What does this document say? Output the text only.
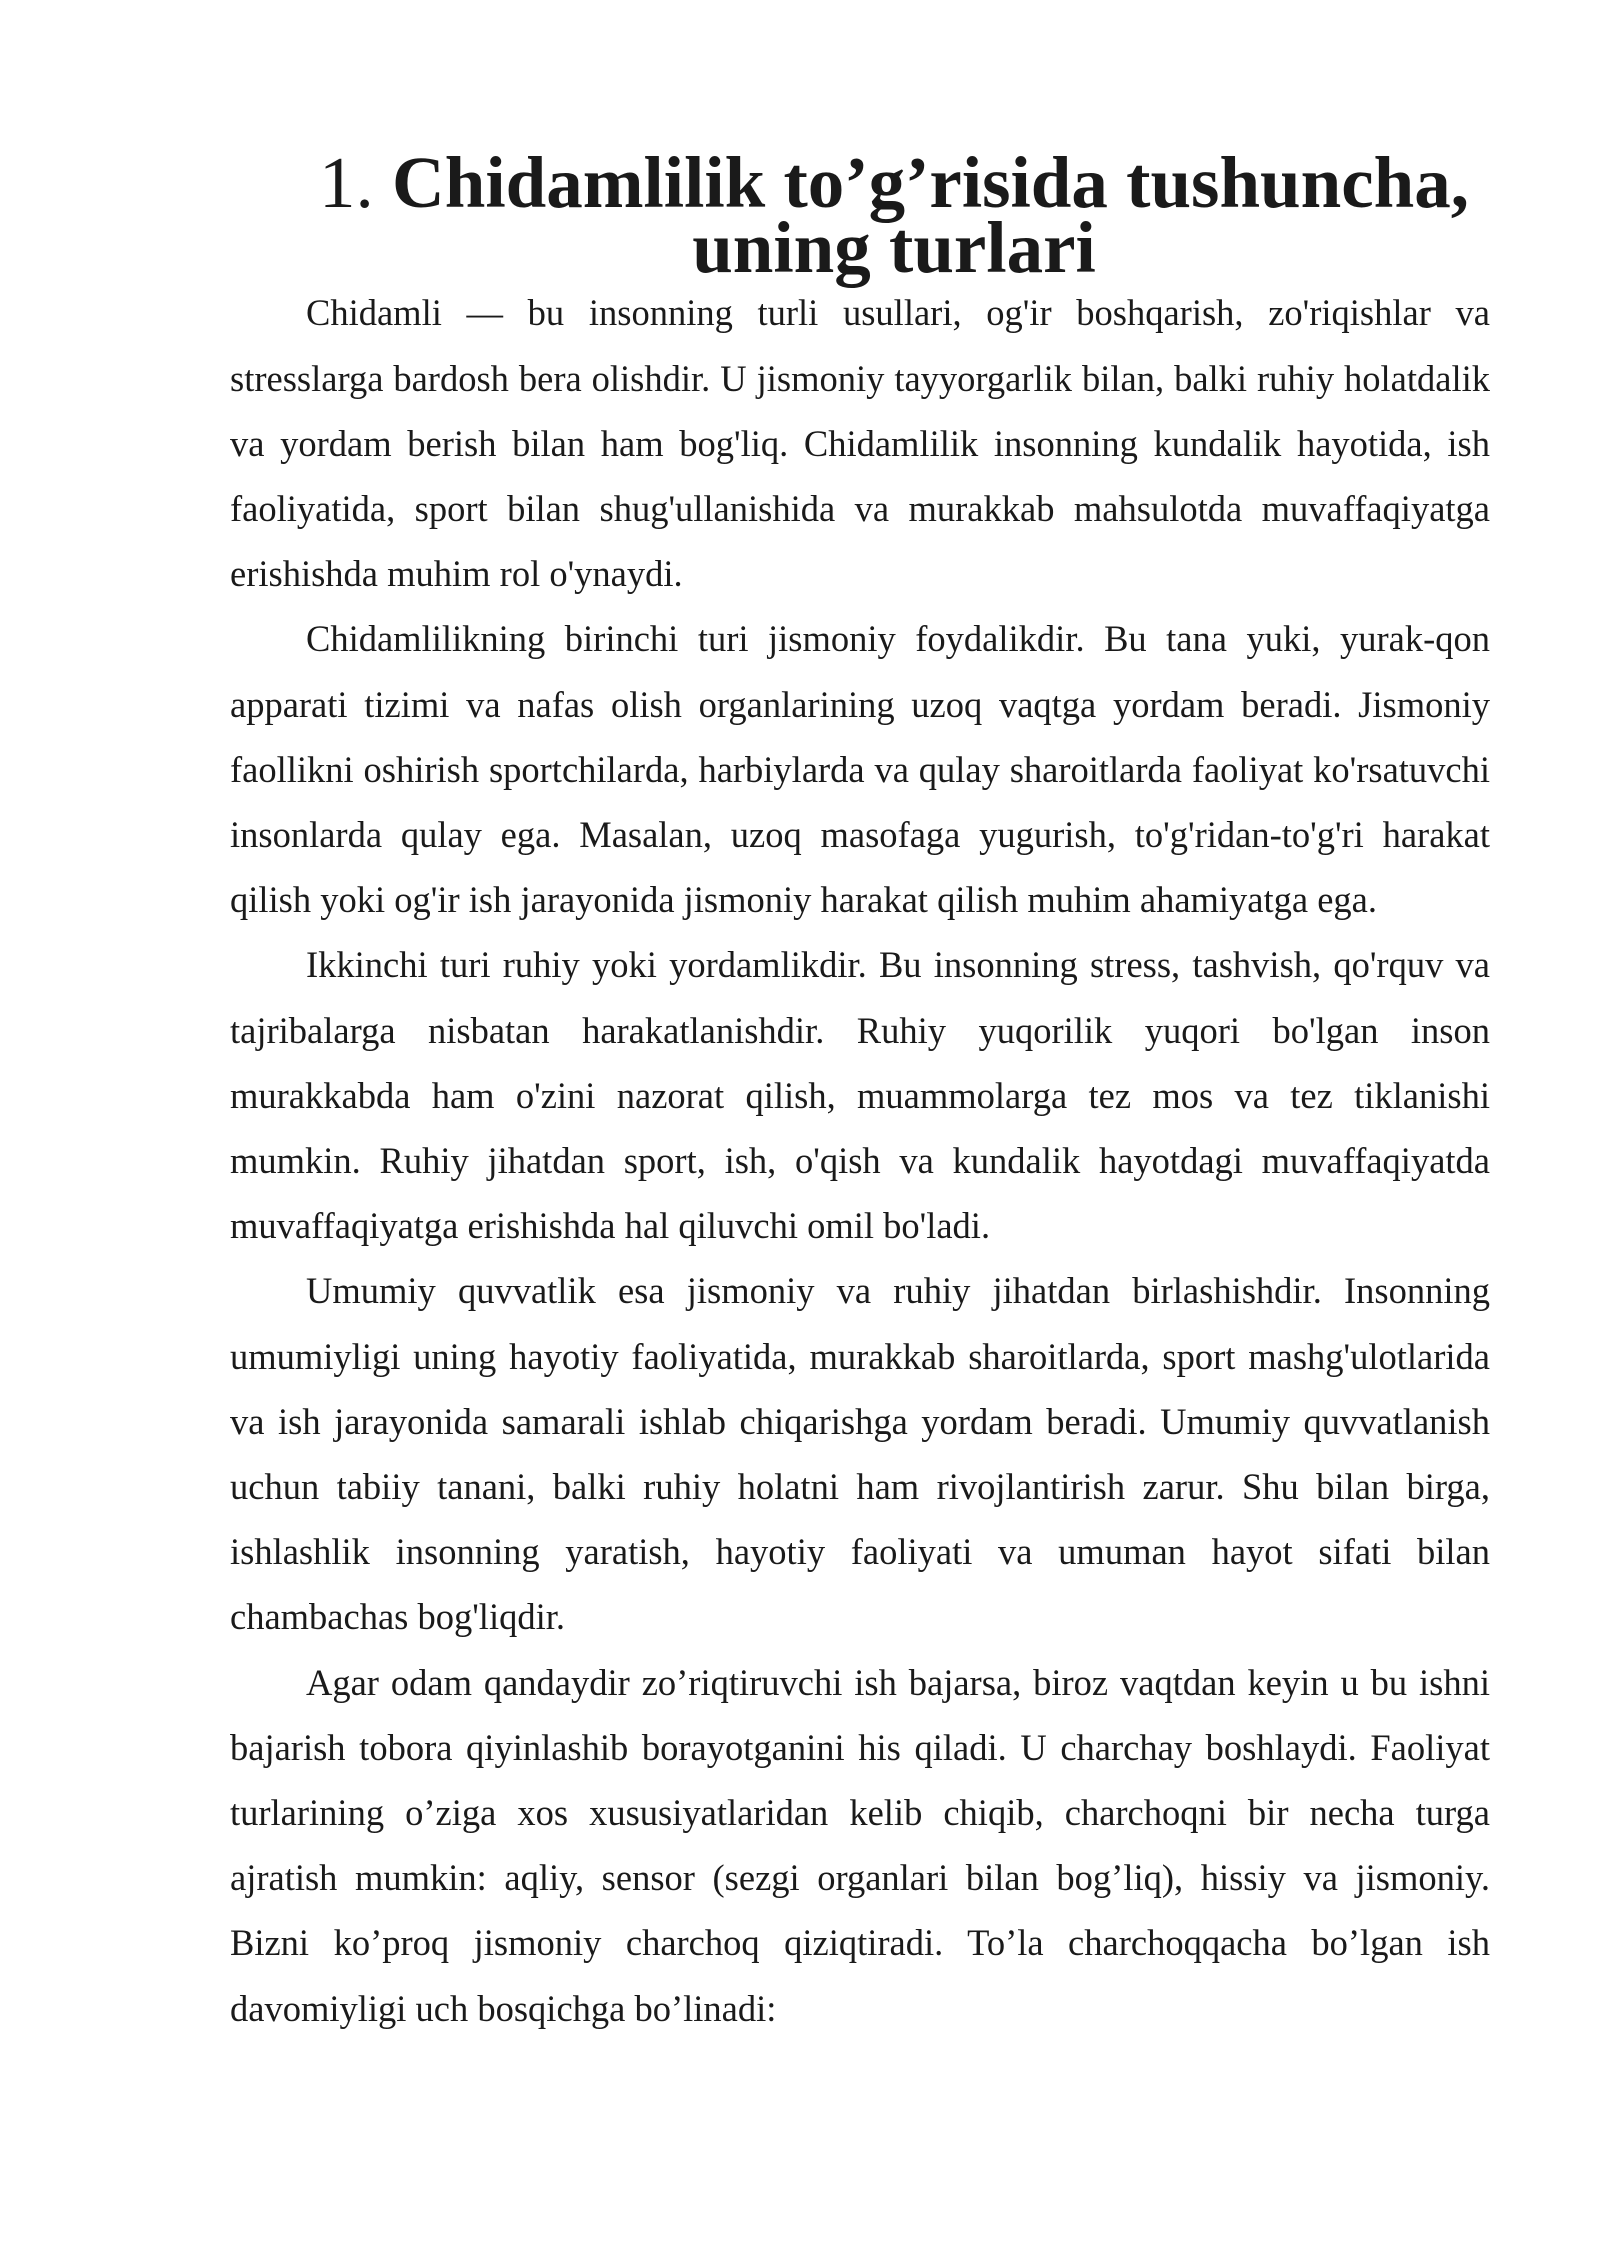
1. Chidamlilik to’g’risida tushuncha, uning turlari

Chidamli — bu insonning turli usullari, og'ir boshqarish, zo'riqishlar va stresslarga bardosh bera olishdir. U jismoniy tayyorgarlik bilan, balki ruhiy holatdalik va yordam berish bilan ham bog'liq. Chidamlilik insonning kundalik hayotida, ish faoliyatida, sport bilan shug'ullanishida va murakkab mahsulotda muvaffaqiyatga erishishda muhim rol o'ynaydi.

Chidamlilikning birinchi turi jismoniy foydalikdir. Bu tana yuki, yurak-qon apparati tizimi va nafas olish organlarining uzoq vaqtga yordam beradi. Jismoniy faollikni oshirish sportchilarda, harbiylarda va qulay sharoitlarda faoliyat ko'rsatuvchi insonlarda qulay ega. Masalan, uzoq masofaga yugurish, to'g'ridan-to'g'ri harakat qilish yoki og'ir ish jarayonida jismoniy harakat qilish muhim ahamiyatga ega.

Ikkinchi turi ruhiy yoki yordamlikdir. Bu insonning stress, tashvish, qo'rquv va tajribalarga nisbatan harakatlanishdir. Ruhiy yuqorilik yuqori bo'lgan inson murakkabda ham o'zini nazorat qilish, muammolarga tez mos va tez tiklanishi mumkin. Ruhiy jihatdan sport, ish, o'qish va kundalik hayotdagi muvaffaqiyatda muvaffaqiyatga erishishda hal qiluvchi omil bo'ladi.

Umumiy quvvatlik esa jismoniy va ruhiy jihatdan birlashishdir. Insonning umumiyligi uning hayotiy faoliyatida, murakkab sharoitlarda, sport mashg'ulotlarida va ish jarayonida samarali ishlab chiqarishga yordam beradi. Umumiy quvvatlanish uchun tabiiy tanani, balki ruhiy holatni ham rivojlantirish zarur. Shu bilan birga, ishlashlik insonning yaratish, hayotiy faoliyati va umuman hayot sifati bilan chambachas bog'liqdir.

Agar odam qandaydir zo’riqtiruvchi ish bajarsa, biroz vaqtdan keyin u bu ishni bajarish tobora qiyinlashib borayotganini his qiladi. U charchay boshlaydi. Faoliyat turlarining o’ziga xos xususiyatlaridan kelib chiqib, charchoqni bir necha turga ajratish mumkin: aqliy, sensor (sezgi organlari bilan bog’liq), hissiy va jismoniy. Bizni ko’proq jismoniy charchoq qiziqtiradi. To’la charchoqqacha bo’lgan ish davomiyligi uch bosqichga bo’linadi:
